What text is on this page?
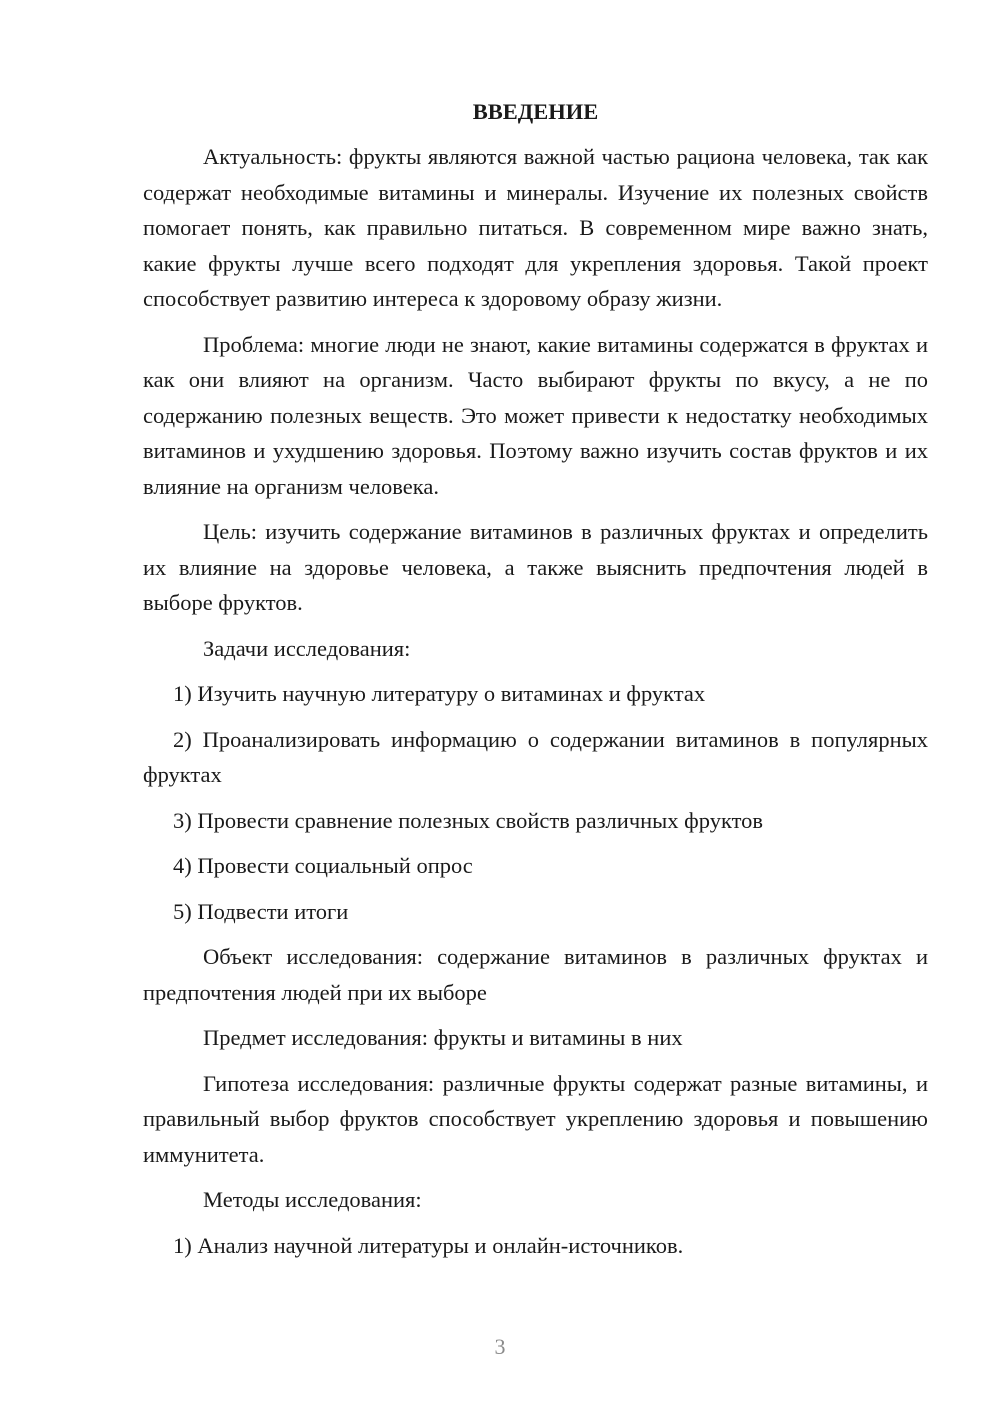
ВВЕДЕНИЕ

Актуальность: фрукты являются важной частью рациона человека, так как содержат необходимые витамины и минералы. Изучение их полезных свойств помогает понять, как правильно питаться. В современном мире важно знать, какие фрукты лучше всего подходят для укрепления здоровья. Такой проект способствует развитию интереса к здоровому образу жизни.

Проблема: многие люди не знают, какие витамины содержатся в фруктах и как они влияют на организм. Часто выбирают фрукты по вкусу, а не по содержанию полезных веществ. Это может привести к недостатку необходимых витаминов и ухудшению здоровья. Поэтому важно изучить состав фруктов и их влияние на организм человека.

Цель: изучить содержание витаминов в различных фруктах и определить их влияние на здоровье человека, а также выяснить предпочтения людей в выборе фруктов.

Задачи исследования:

1) Изучить научную литературу о витаминах и фруктах

2) Проанализировать информацию о содержании витаминов в популярных фруктах

3) Провести сравнение полезных свойств различных фруктов

4) Провести социальный опрос

5) Подвести итоги

Объект исследования: содержание витаминов в различных фруктах и предпочтения людей при их выборе

Предмет исследования: фрукты и витамины в них

Гипотеза исследования: различные фрукты содержат разные витамины, и правильный выбор фруктов способствует укреплению здоровья и повышению иммунитета.

Методы исследования:

1) Анализ научной литературы и онлайн-источников.

3
